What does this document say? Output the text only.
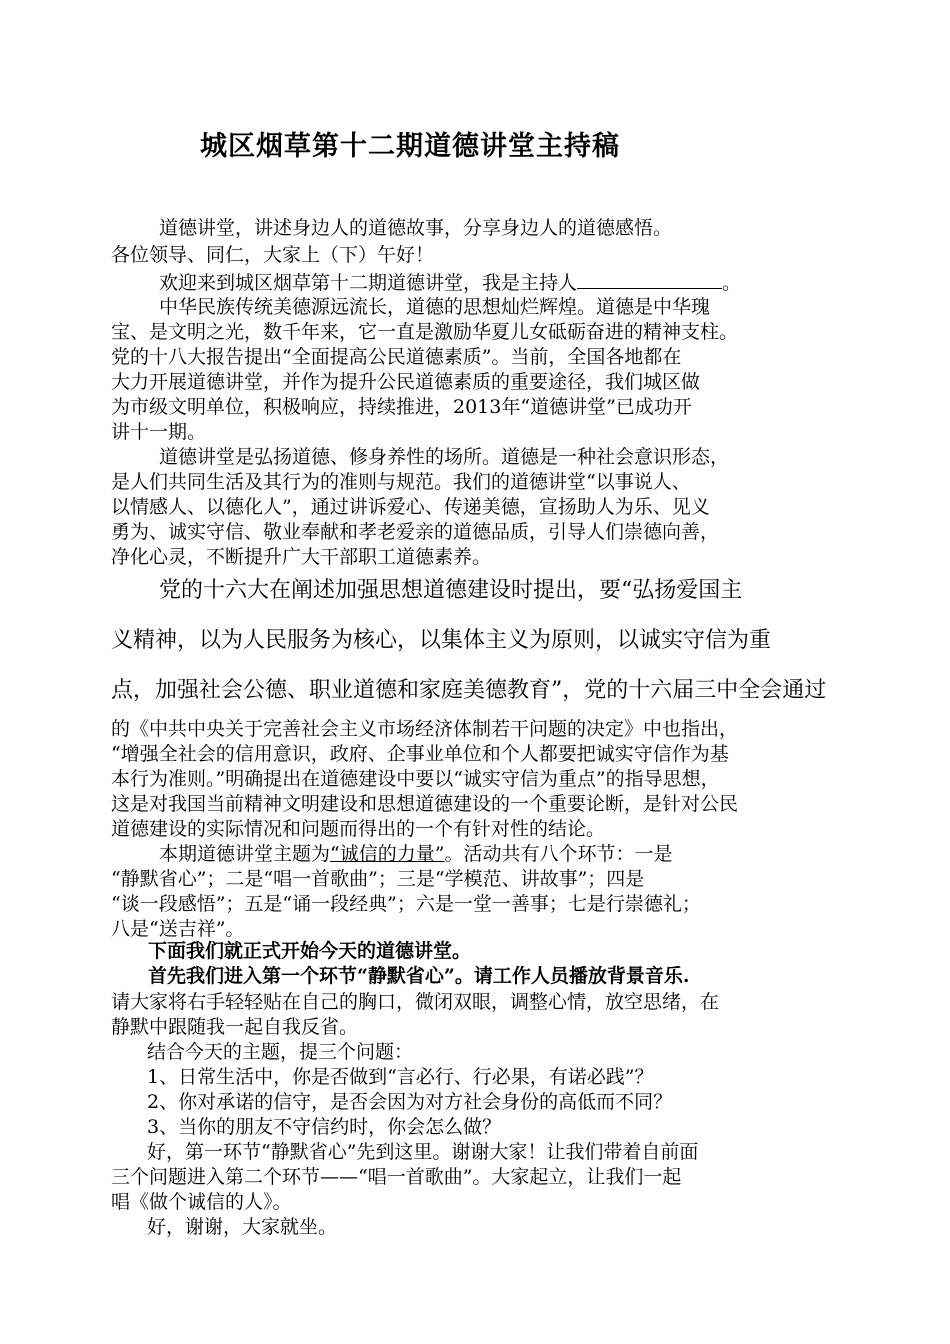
城区烟草第十二期道德讲堂主持稿
道德讲堂，讲述身边人的道德故事，分享身边人的道德感悟。
各位领导、同仁，大家上（下）午好！
欢迎来到城区烟草第十二期道德讲堂，我是主持人	。
中华民族传统美德源远流长，道德的思想灿烂辉煌。道德是中华瑰
宝、是文明之光，数千年来，它一直是激励华夏儿女砥砺奋进的精神支柱。
党的十八大报告提出“全面提高公民道德素质”。当前，全国各地都在
大力开展道德讲堂，并作为提升公民道德素质的重要途径，我们城区做
为市级文明单位，积极响应，持续推进，2013年“道德讲堂”已成功开
讲十一期。
道德讲堂是弘扬道德、修身养性的场所。道德是一种社会意识形态，
是人们共同生活及其行为的准则与规范。我们的道德讲堂“以事说人、
以情感人、以德化人”，通过讲诉爱心、传递美德，宣扬助人为乐、见义
勇为、诚实守信、敬业奉献和孝老爱亲的道德品质，引导人们崇德向善，
净化心灵，不断提升广大干部职工道德素养。
党的十六大在阐述加强思想道德建设时提出，要“弘扬爱国主
义精神，以为人民服务为核心，以集体主义为原则，以诚实守信为重
点，加强社会公德、职业道德和家庭美德教育”，党的十六届三中全会通过
的《中共中央关于完善社会主义市场经济体制若干问题的决定》中也指出，
“增强全社会的信用意识，政府、企事业单位和个人都要把诚实守信作为基
本行为准则。”明确提出在道德建设中要以“诚实守信为重点”的指导思想，
这是对我国当前精神文明建设和思想道德建设的一个重要论断，是针对公民
道德建设的实际情况和问题而得出的一个有针对性的结论。
本期道德讲堂主题为“诚信的力量”。活动共有八个环节：一是
“静默省心”；二是“唱一首歌曲”；三是“学模范、讲故事”；四是
“谈一段感悟”；五是“诵一段经典”；六是一堂一善事；七是行崇德礼；
八是“送吉祥”。
下面我们就正式开始今天的道德讲堂。
首先我们进入第一个环节“静默省心”。请工作人员播放背景音乐.
请大家将右手轻轻贴在自己的胸口，微闭双眼，调整心情，放空思绪，在
静默中跟随我一起自我反省。
结合今天的主题，提三个问题：
1、日常生活中，你是否做到“言必行、行必果，有诺必践”？
2、你对承诺的信守，是否会因为对方社会身份的高低而不同？
3、当你的朋友不守信约时，你会怎么做？
好，第一环节“静默省心”先到这里。谢谢大家！让我们带着自前面
三个问题进入第二个环节——“唱一首歌曲”。大家起立，让我们一起
唱《做个诚信的人》。
好，谢谢，大家就坐。
